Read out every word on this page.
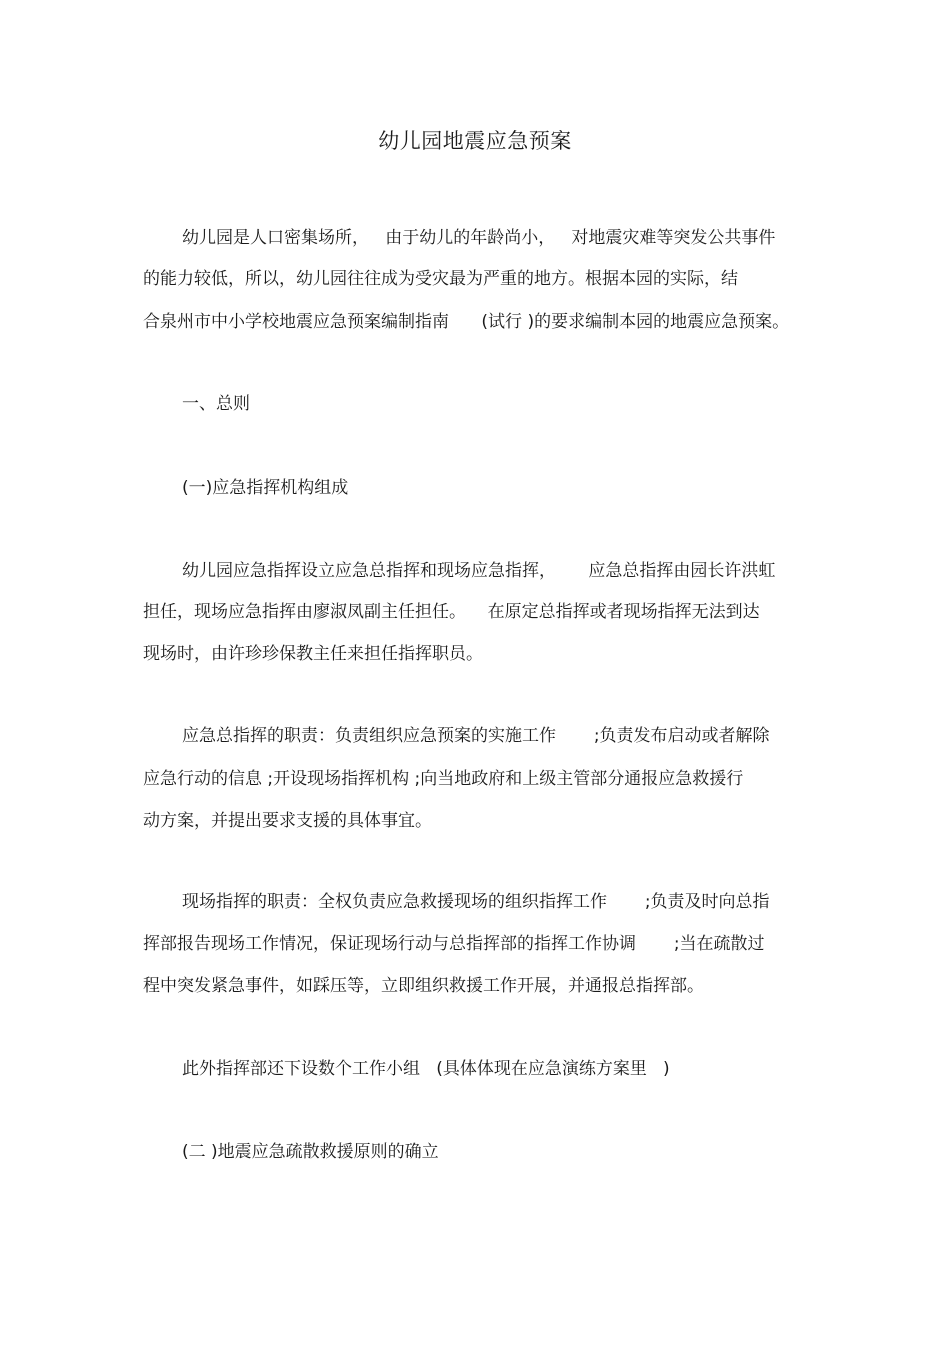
幼儿园地震应急预案
幼儿园是人口密集场所，   由于幼儿的年龄尚小，   对地震灾难等突发公共事件
的能力较低，所以，幼儿园往往成为受灾最为严重的地方。根据本园的实际，结
合泉州市中小学校地震应急预案编制指南      (试行 )的要求编制本园的地震应急预案。
一、总则
(一)应急指挥机构组成
幼儿园应急指挥设立应急总指挥和现场应急指挥，      应急总指挥由园长许洪虹
担任，现场应急指挥由廖淑凤副主任担任。    在原定总指挥或者现场指挥无法到达
现场时，由许珍珍保教主任来担任指挥职员。
应急总指挥的职责：负责组织应急预案的实施工作       ;负责发布启动或者解除
应急行动的信息 ;开设现场指挥机构 ;向当地政府和上级主管部分通报应急救援行
动方案，并提出要求支援的具体事宜。
现场指挥的职责：全权负责应急救援现场的组织指挥工作       ;负责及时向总指
挥部报告现场工作情况，保证现场行动与总指挥部的指挥工作协调       ;当在疏散过
程中突发紧急事件，如踩压等，立即组织救援工作开展，并通报总指挥部。
此外指挥部还下设数个工作小组   (具体体现在应急演练方案里   )
(二 )地震应急疏散救援原则的确立
